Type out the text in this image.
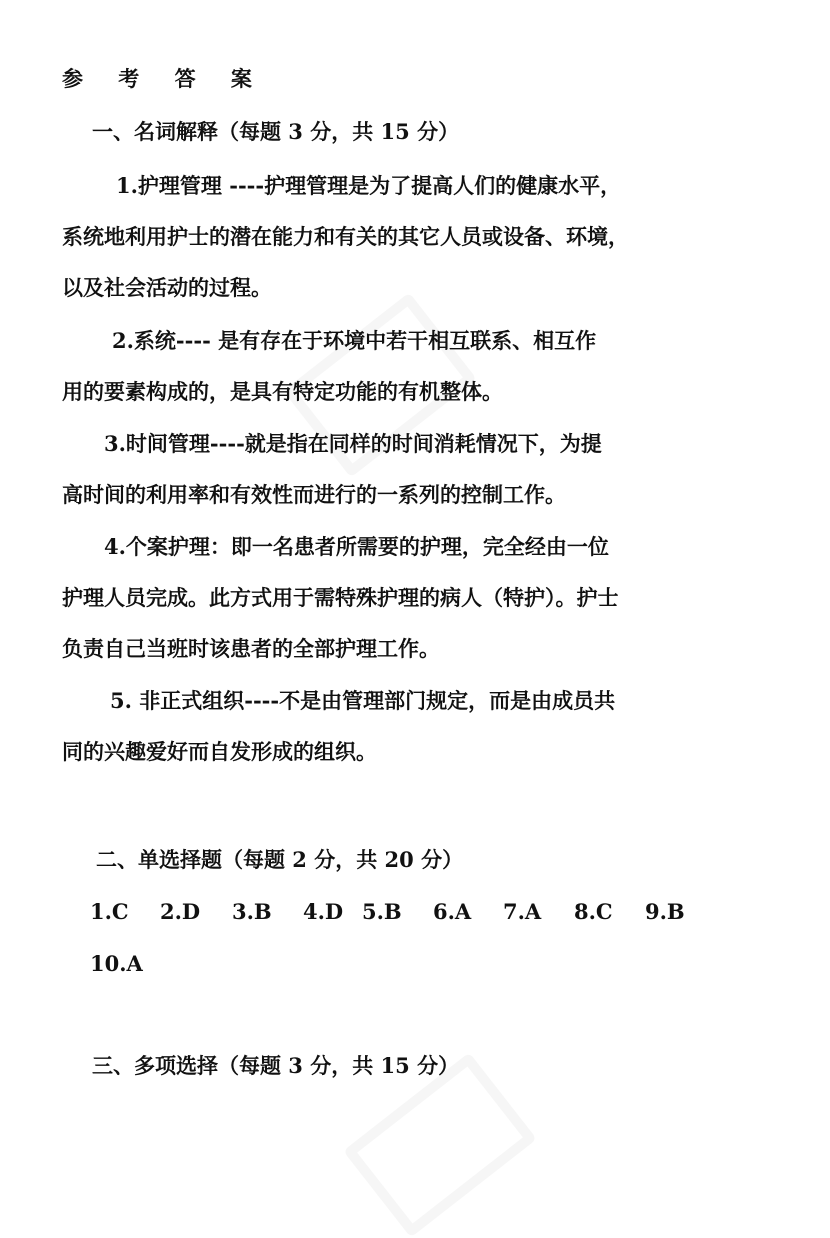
参 考 答 案
一、名词解释（每题 3 分，共 15 分）
1.护理管理 ----护理管理是为了提高人们的健康水平，
系统地利用护士的潜在能力和有关的其它人员或设备、环境，
以及社会活动的过程。
2.系统---- 是有存在于环境中若干相互联系、相互作
用的要素构成的，是具有特定功能的有机整体。
3.时间管理----就是指在同样的时间消耗情况下，为提
高时间的利用率和有效性而进行的一系列的控制工作。
4.个案护理：即一名患者所需要的护理，完全经由一位
护理人员完成。此方式用于需特殊护理的病人（特护）。护士
负责自己当班时该患者的全部护理工作。
5. 非正式组织----不是由管理部门规定，而是由成员共
同的兴趣爱好而自发形成的组织。
二、单选择题（每题 2 分，共 20 分）
1.C 2.D 3.B 4.D 5.B 6.A 7.A 8.C 9.B
10.A
三、多项选择（每题 3 分，共 15 分）
